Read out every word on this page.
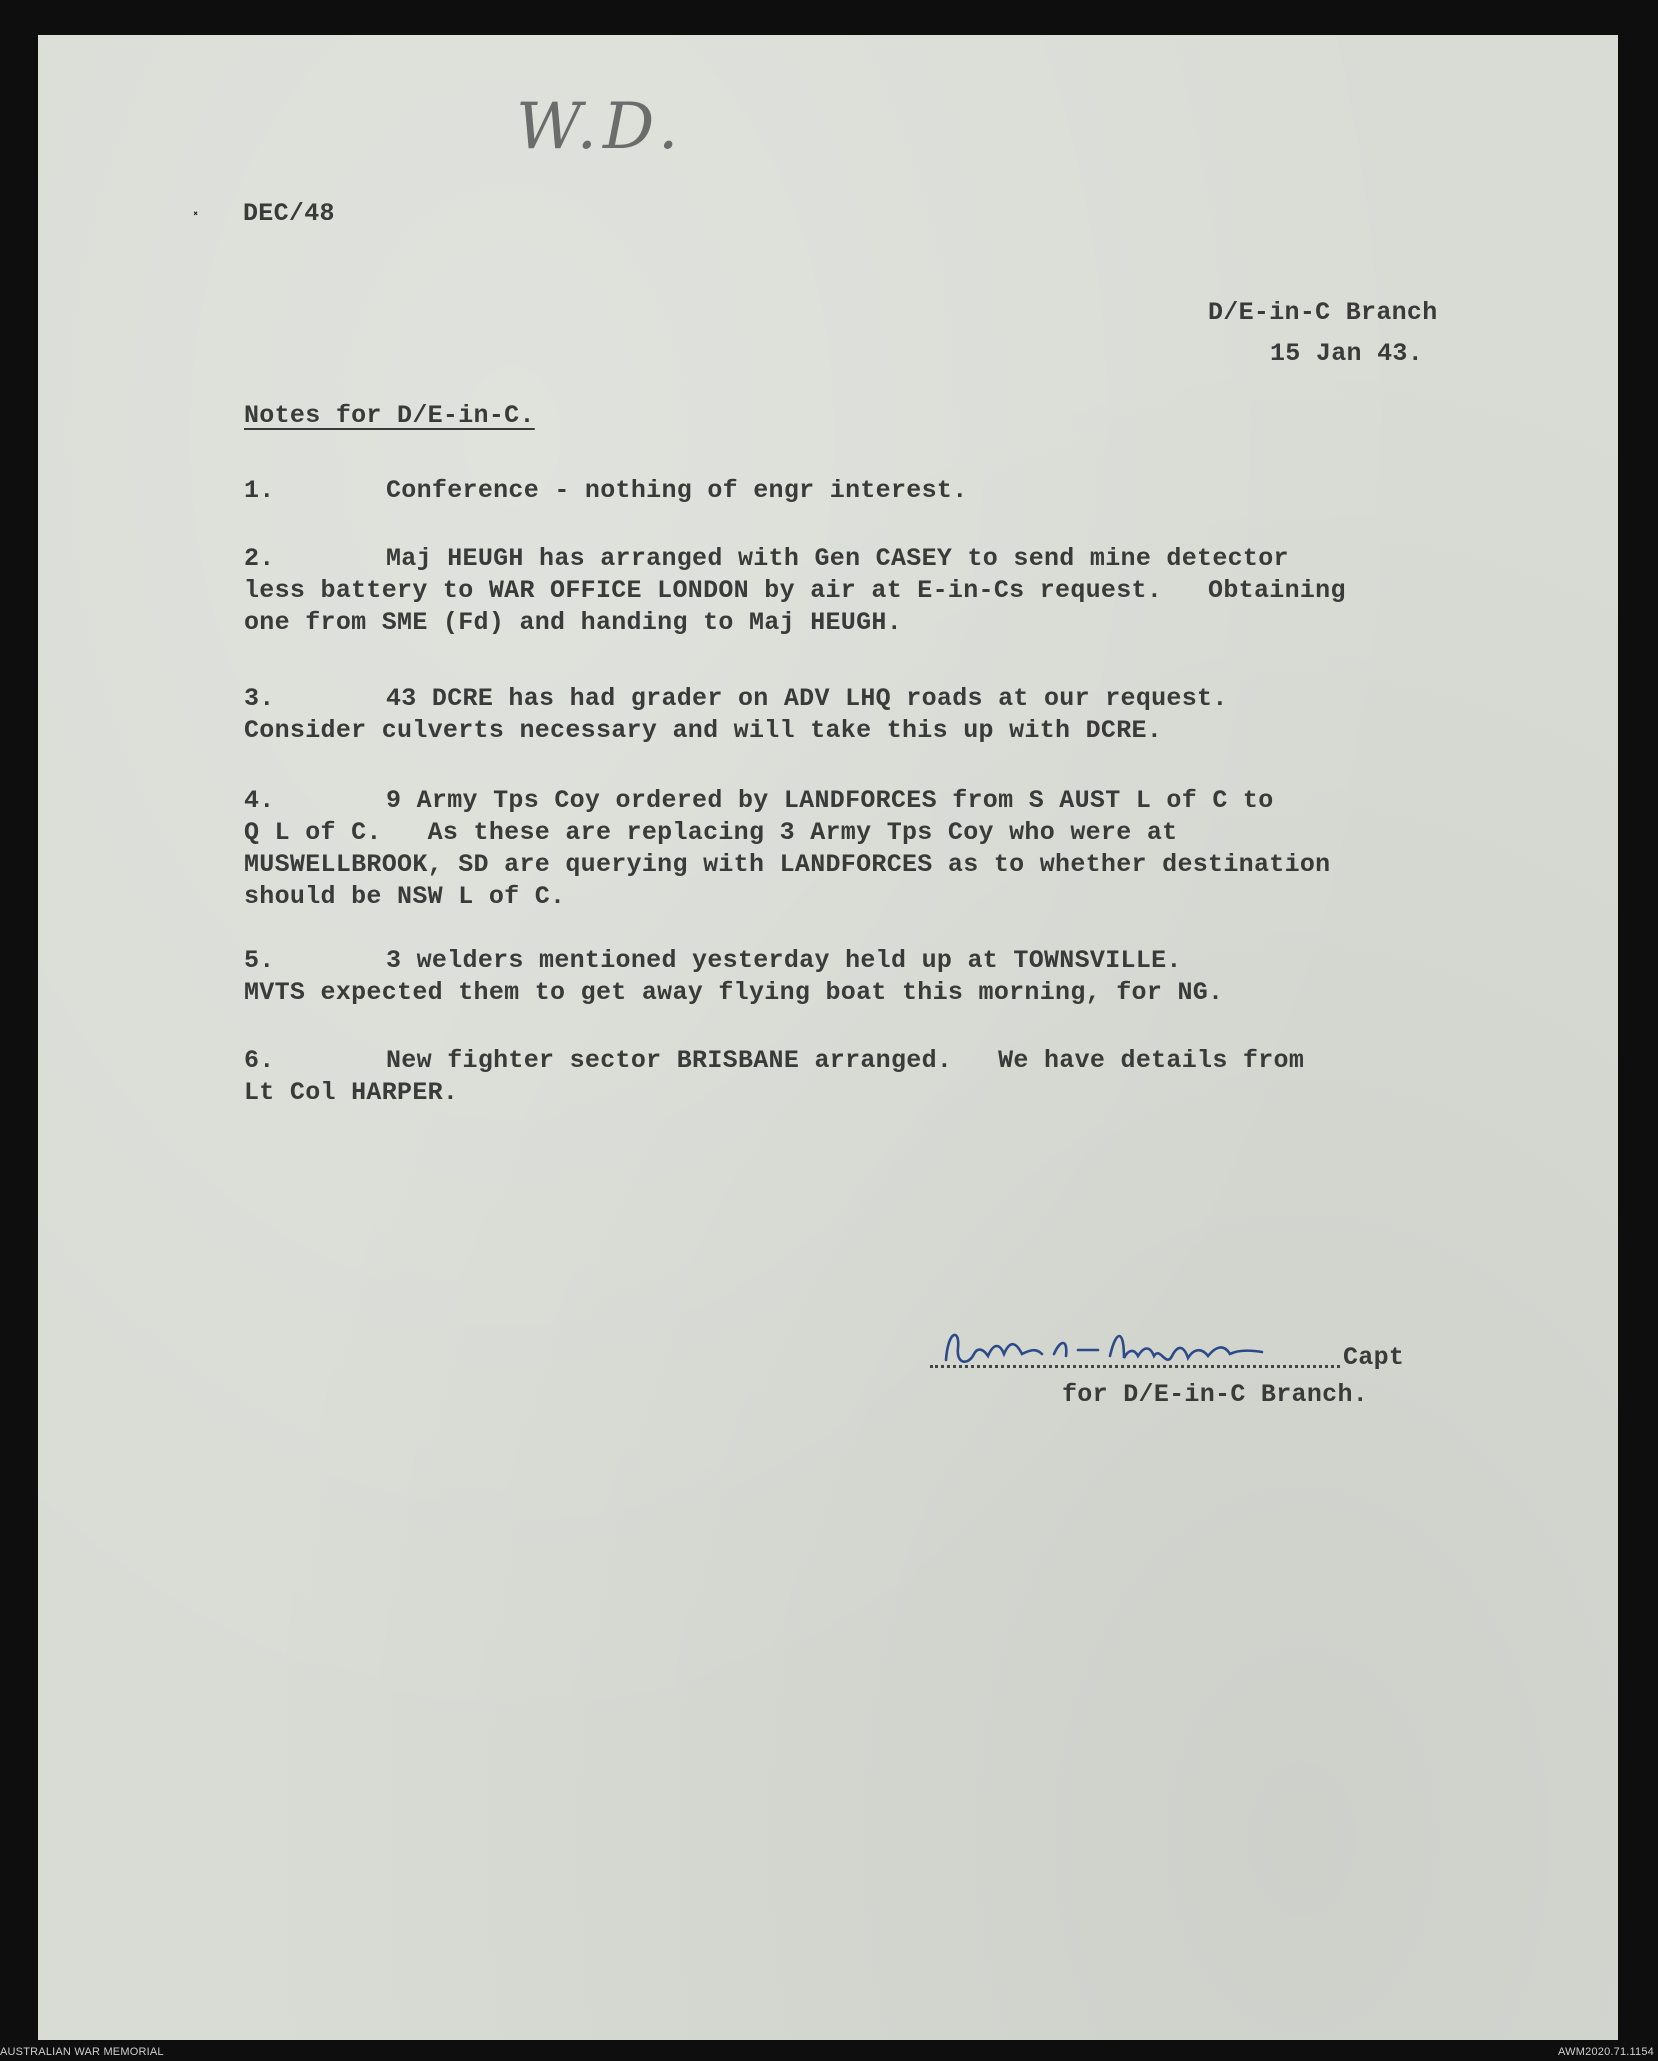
W.D.
⸼ DEC/48
D/E-in-C Branch
15 Jan 43.
Notes for D/E-in-C.
1.	Conference - nothing of engr interest.
2.	Maj HEUGH has arranged with Gen CASEY to send mine detector
less battery to WAR OFFICE LONDON by air at E-in-Cs request.   Obtaining
one from SME (Fd) and handing to Maj HEUGH.
3.	43 DCRE has had grader on ADV LHQ roads at our request.
Consider culverts necessary and will take this up with DCRE.
4.	9 Army Tps Coy ordered by LANDFORCES from S AUST L of C to
Q L of C.   As these are replacing 3 Army Tps Coy who were at
MUSWELLBROOK, SD are querying with LANDFORCES as to whether destination
should be NSW L of C.
5.	3 welders mentioned yesterday held up at TOWNSVILLE.
MVTS expected them to get away flying boat this morning, for NG.
6.	New fighter sector BRISBANE arranged.   We have details from
Lt Col HARPER.
Capt
for D/E-in-C Branch.
AUSTRALIAN WAR MEMORIAL	AWM2020.71.1154
